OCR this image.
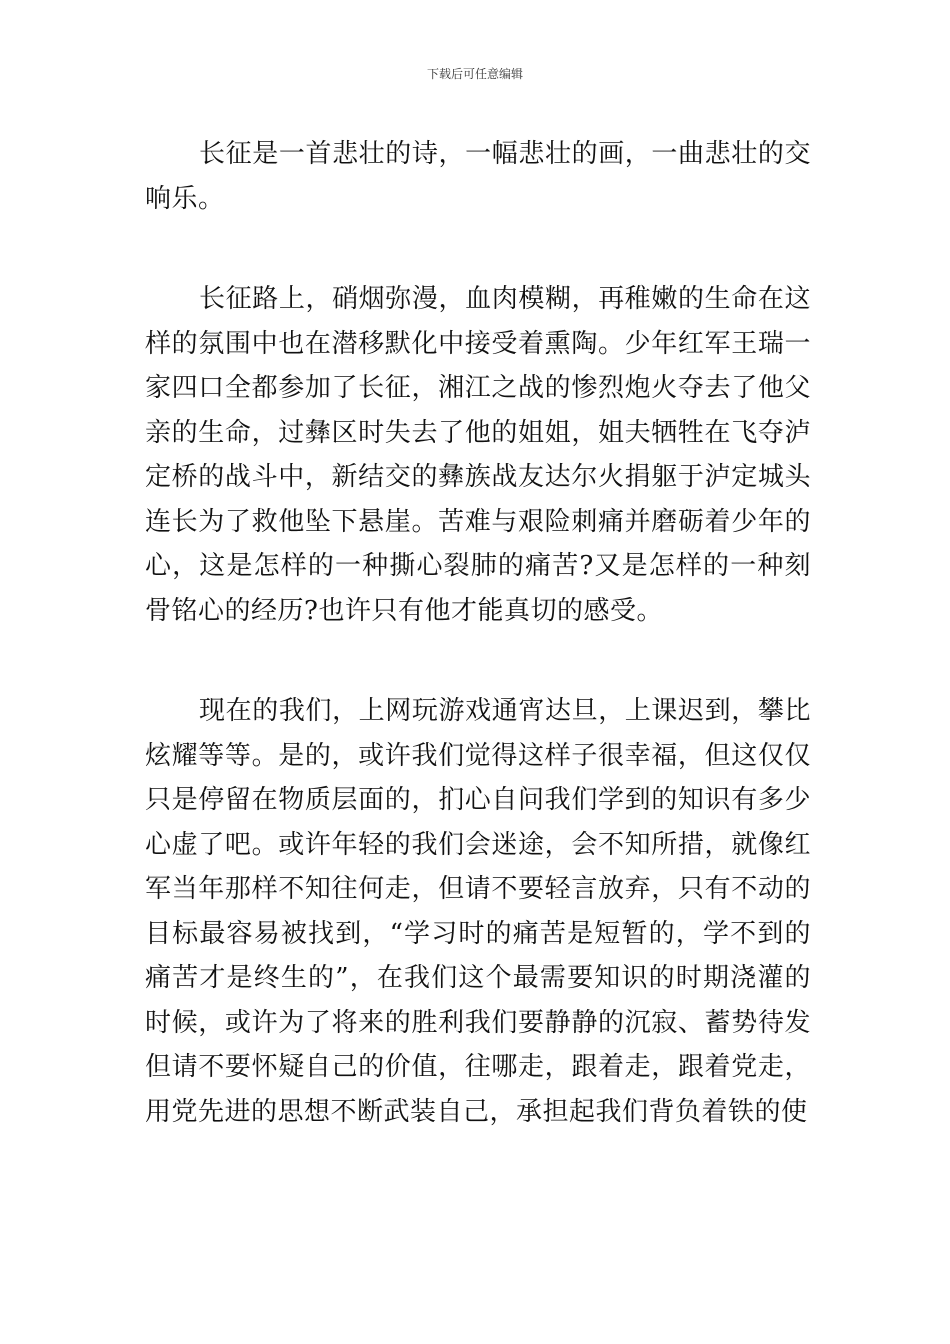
下载后可任意编辑

长征是一首悲壮的诗，一幅悲壮的画，一曲悲壮的交响乐。

长征路上，硝烟弥漫，血肉模糊，再稚嫩的生命在这样的氛围中也在潜移默化中接受着熏陶。少年红军王瑞一家四口全都参加了长征，湘江之战的惨烈炮火夺去了他父亲的生命，过彝区时失去了他的姐姐，姐夫牺牲在飞夺泸定桥的战斗中，新结交的彝族战友达尔火捐躯于泸定城头连长为了救他坠下悬崖。苦难与艰险刺痛并磨砺着少年的心，这是怎样的一种撕心裂肺的痛苦?又是怎样的一种刻骨铭心的经历?也许只有他才能真切的感受。

现在的我们，上网玩游戏通宵达旦，上课迟到，攀比炫耀等等。是的，或许我们觉得这样子很幸福，但这仅仅只是停留在物质层面的，扪心自问我们学到的知识有多少心虚了吧。或许年轻的我们会迷途，会不知所措，就像红军当年那样不知往何走，但请不要轻言放弃，只有不动的目标最容易被找到，“学习时的痛苦是短暂的，学不到的痛苦才是终生的”，在我们这个最需要知识的时期浇灌的时候，或许为了将来的胜利我们要静静的沉寂、蓄势待发但请不要怀疑自己的价值，往哪走，跟着走，跟着党走，用党先进的思想不断武装自己，承担起我们背负着铁的使
